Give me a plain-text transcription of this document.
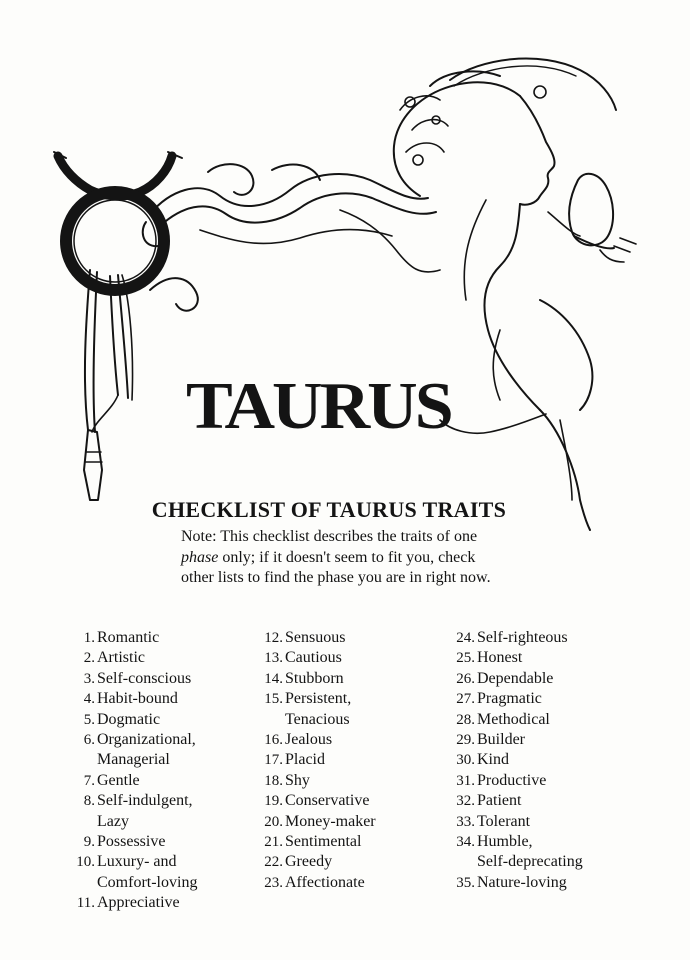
TAURUS
CHECKLIST OF TAURUS TRAITS
Note: This checklist describes the traits of one phase only; if it doesn't seem to fit you, check other lists to find the phase you are in right now.
1. Romantic
2. Artistic
3. Self-conscious
4. Habit-bound
5. Dogmatic
6. Organizational,
Managerial
7. Gentle
8. Self-indulgent,
Lazy
9. Possessive
10. Luxury- and
Comfort-loving
11. Appreciative
12. Sensuous
13. Cautious
14. Stubborn
15. Persistent,
Tenacious
16. Jealous
17. Placid
18. Shy
19. Conservative
20. Money-maker
21. Sentimental
22. Greedy
23. Affectionate
24. Self-righteous
25. Honest
26. Dependable
27. Pragmatic
28. Methodical
29. Builder
30. Kind
31. Productive
32. Patient
33. Tolerant
34. Humble,
Self-deprecating
35. Nature-loving
